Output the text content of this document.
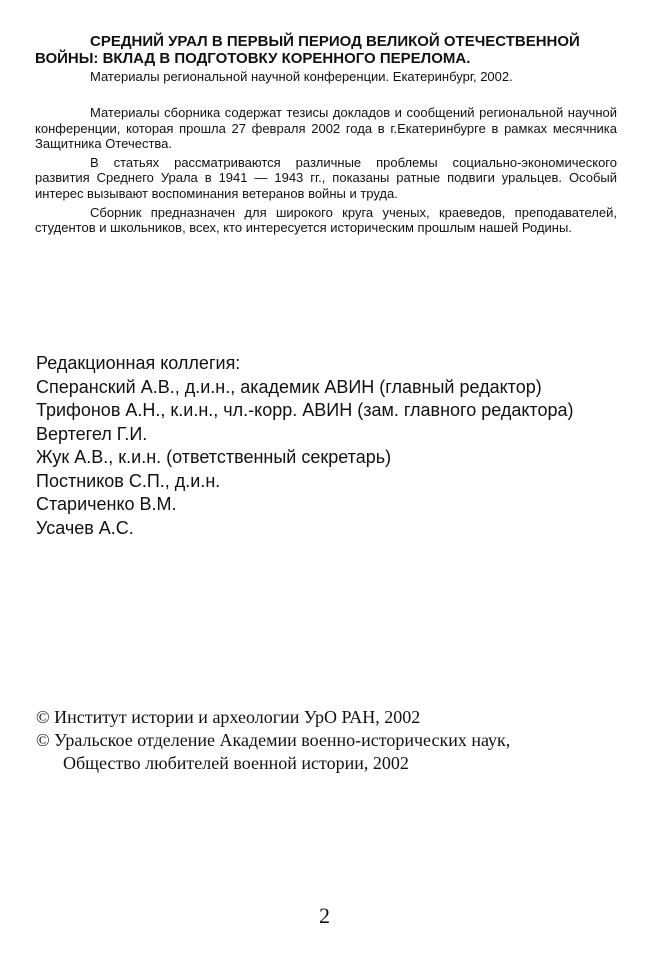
СРЕДНИЙ УРАЛ В ПЕРВЫЙ ПЕРИОД ВЕЛИКОЙ ОТЕЧЕСТВЕННОЙ
ВОЙНЫ: ВКЛАД В ПОДГОТОВКУ КОРЕННОГО ПЕРЕЛОМА.

Материалы региональной научной конференции. Екатеринбург, 2002.

Материалы сборника содержат тезисы докладов и сообщений региональной научной конференции, которая прошла 27 февраля 2002 года в г.Екатеринбурге в рамках месячника Защитника Отечества.

В статьях рассматриваются различные проблемы социально-экономического развития Среднего Урала в 1941 — 1943 гг., показаны ратные подвиги уральцев. Особый интерес вызывают воспоминания ветеранов войны и труда.

Сборник предназначен для широкого круга ученых, краеведов, преподавателей, студентов и школьников, всех, кто интересуется историческим прошлым нашей Родины.

Редакционная коллегия:

Сперанский А.В., д.и.н., академик АВИН (главный редактор)

Трифонов А.Н., к.и.н., чл.-корр. АВИН (зам. главного редактора)

Вертегел Г.И.

Жук А.В., к.и.н. (ответственный секретарь)

Постников С.П., д.и.н.

Стариченко В.М.

Усачев А.С.

© Институт истории и археологии УрО РАН, 2002

© Уральское отделение Академии военно-исторических наук,

Общество любителей военной истории, 2002

2
